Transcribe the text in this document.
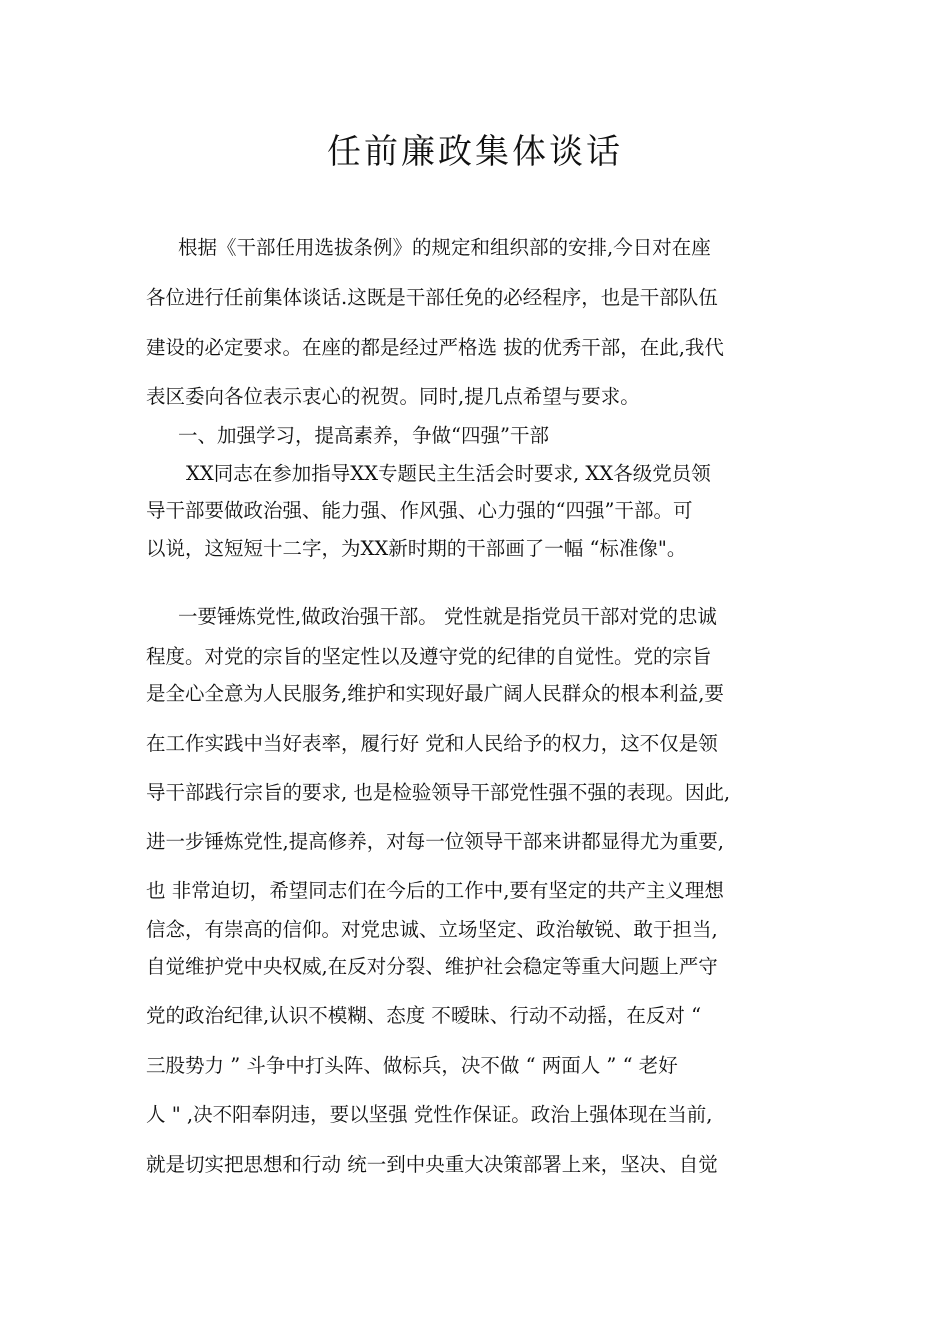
任前廉政集体谈话
根据《干部任用选拔条例》的规定和组织部的安排,今日对在座
各位进行任前集体谈话.这既是干部任免的必经程序，也是干部队伍
建设的必定要求。在座的都是经过严格选 拔的优秀干部，在此,我代
表区委向各位表示衷心的祝贺。同时,提几点希望与要求。
一、加强学习，提高素养，争做“四强”干部
XX同志在参加指导XX专题民主生活会时要求, XX各级党员领
导干部要做政治强、能力强、作风强、心力强的“四强”干部。可
以说，这短短十二字，为XX新时期的干部画了一幅 “标准像"。
一要锤炼党性,做政治强干部。 党性就是指党员干部对党的忠诚
程度。对党的宗旨的坚定性以及遵守党的纪律的自觉性。党的宗旨
是全心全意为人民服务,维护和实现好最广阔人民群众的根本利益,要
在工作实践中当好表率，履行好 党和人民给予的权力，这不仅是领
导干部践行宗旨的要求, 也是检验领导干部党性强不强的表现。因此,
进一步锤炼党性,提高修养，对每一位领导干部来讲都显得尤为重要,
也 非常迫切，希望同志们在今后的工作中,要有坚定的共产主义理想
信念，有崇高的信仰。对党忠诚、立场坚定、政治敏锐、敢于担当,
自觉维护党中央权威,在反对分裂、维护社会稳定等重大问题上严守
党的政治纪律,认识不模糊、态度 不暧昧、行动不动摇，在反对 “
三股势力 ” 斗争中打头阵、做标兵，决不做 “ 两面人 ” “ 老好
人 " ,决不阳奉阴违，要以坚强 党性作保证。政治上强体现在当前,
就是切实把思想和行动 统一到中央重大决策部署上来，坚决、自觉
